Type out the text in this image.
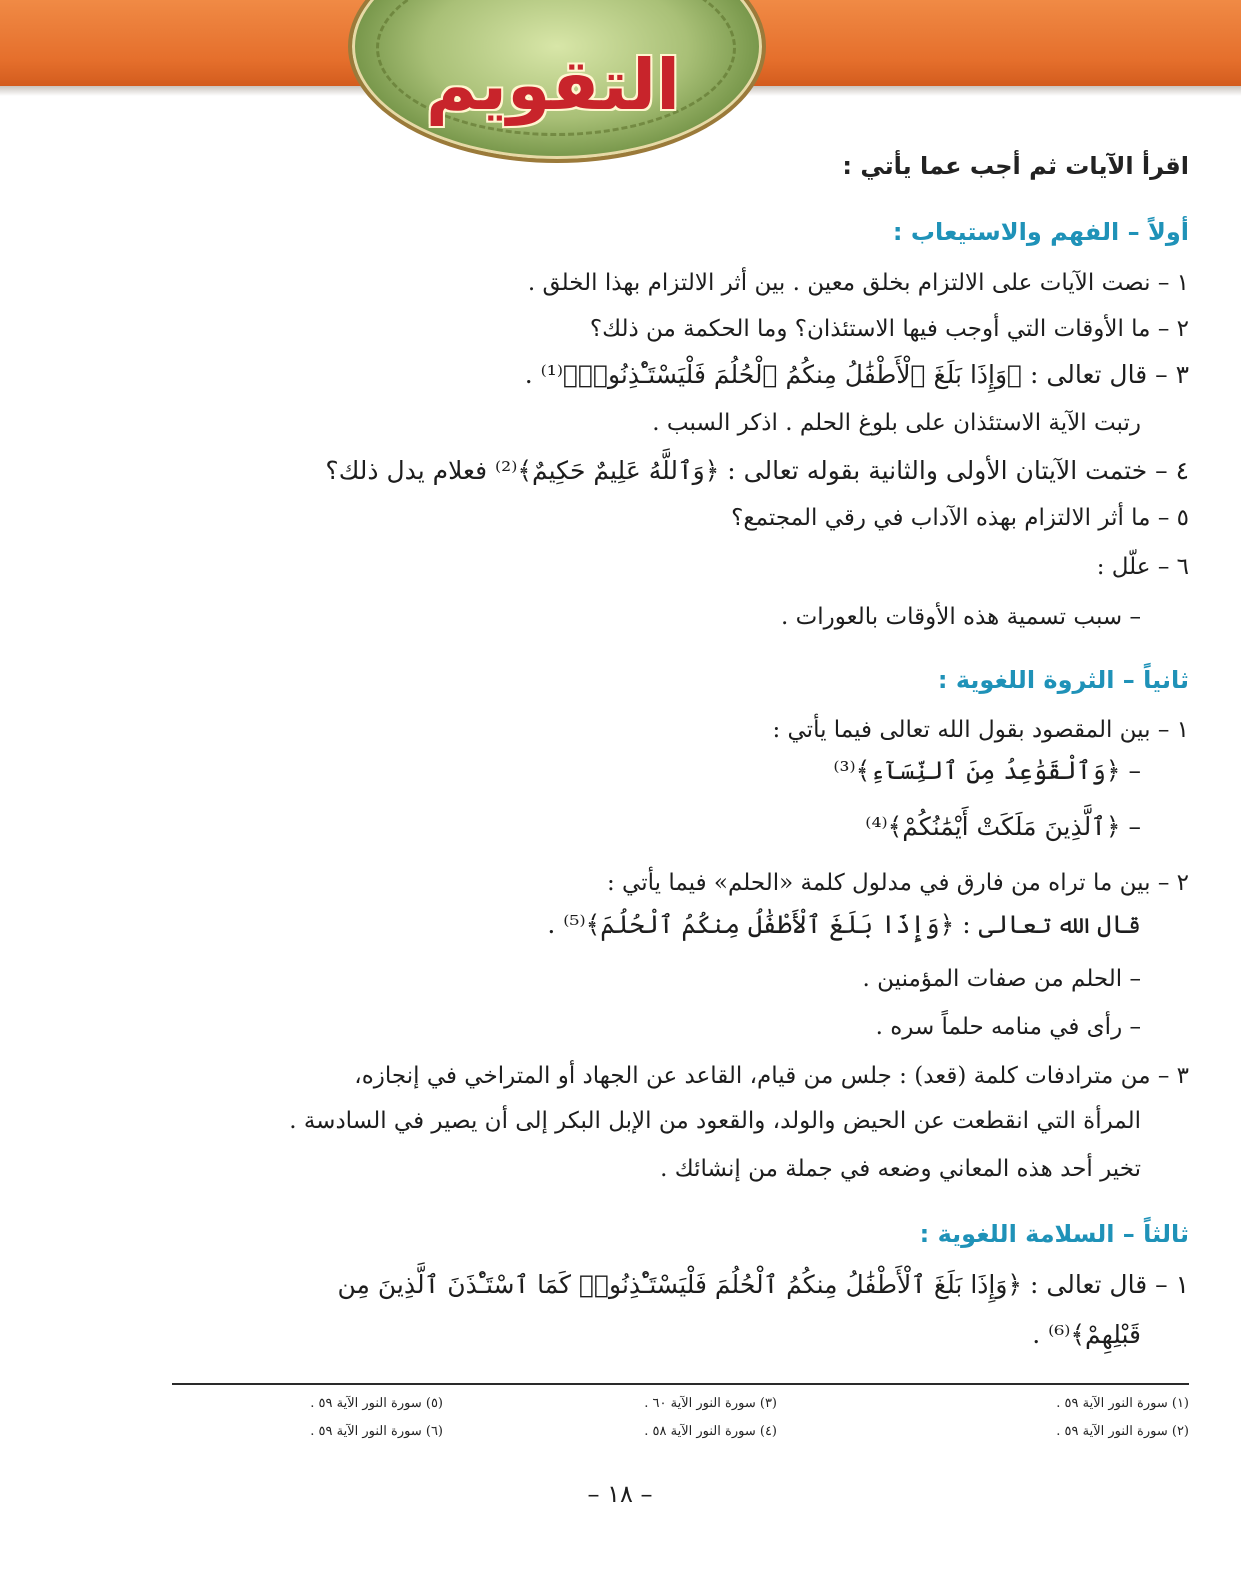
التقويم
اقرأ الآيات ثم أجب عما يأتي :
أولاً – الفهم والاستيعاب :
١ – نصت الآيات على الالتزام بخلق معين . بين أثر الالتزام بهذا الخلق .
٢ – ما الأوقات التي أوجب فيها الاستئذان؟ وما الحكمة من ذلك؟
٣ – قال تعالى : ﴿وَإِذَا بَلَغَ ٱلْأَطْفَٰلُ مِنكُمُ ٱلْحُلُمَ فَلْيَسْتَـْٔذِنُوا۟﴾⁽¹⁾ .
رتبت الآية الاستئذان على بلوغ الحلم . اذكر السبب .
٤ – ختمت الآيتان الأولى والثانية بقوله تعالى : ﴿وَٱللَّهُ عَلِيمٌ حَكِيمٌ﴾⁽²⁾ فعلام يدل ذلك؟
٥ – ما أثر الالتزام بهذه الآداب في رقي المجتمع؟
٦ – علّل :
– سبب تسمية هذه الأوقات بالعورات .
ثانياً – الثروة اللغوية :
١ – بين المقصود بقول الله تعالى فيما يأتي :
– ﴿وَٱلْقَوَٰعِدُ مِنَ ٱلنِّسَآءِ﴾⁽³⁾
– ﴿ٱلَّذِينَ مَلَكَتْ أَيْمَٰنُكُمْ﴾⁽⁴⁾
٢ – بين ما تراه من فارق في مدلول كلمة «الحلم» فيما يأتي :
قال الله تعالى : ﴿وَإِذَا بَلَغَ ٱلْأَطْفَٰلُ مِنكُمُ ٱلْحُلُمَ﴾⁽⁵⁾ .
– الحلم من صفات المؤمنين .
– رأى في منامه حلماً سره .
٣ – من مترادفات كلمة (قعد) : جلس من قيام، القاعد عن الجهاد أو المتراخي في إنجازه،
المرأة التي انقطعت عن الحيض والولد، والقعود من الإبل البكر إلى أن يصير في السادسة .
تخير أحد هذه المعاني وضعه في جملة من إنشائك .
ثالثاً – السلامة اللغوية :
١ – قال تعالى : ﴿وَإِذَا بَلَغَ ٱلْأَطْفَٰلُ مِنكُمُ ٱلْحُلُمَ فَلْيَسْتَـْٔذِنُوا۟ كَمَا ٱسْتَـْٔذَنَ ٱلَّذِينَ مِن
قَبْلِهِمْ﴾⁽⁶⁾ .
(١) سورة النور الآية ٥٩ .
(٢) سورة النور الآية ٥٩ .
(٣) سورة النور الآية ٦٠ .
(٤) سورة النور الآية ٥٨ .
(٥) سورة النور الآية ٥٩ .
(٦) سورة النور الآية ٥٩ .
– ١٨ –
